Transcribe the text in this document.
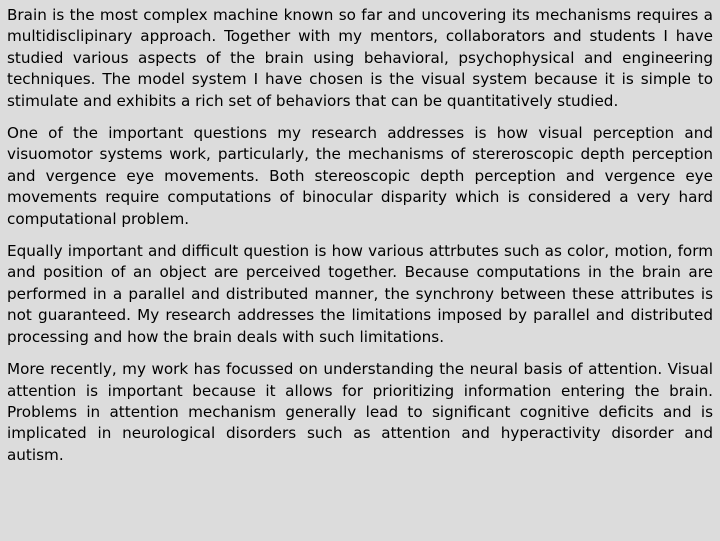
Brain is the most complex machine known so far and uncovering its mechanisms requires a multidisclipinary approach. Together with my mentors, collaborators and students I have studied various aspects of the brain using behavioral, psychophysical and engineering techniques. The model system I have chosen is the visual system because it is simple to stimulate and exhibits a rich set of behaviors that can be quantitatively studied.

One of the important questions my research addresses is how visual perception and visuomotor systems work, particularly, the mechanisms of stereroscopic depth perception and vergence eye movements. Both stereoscopic depth perception and vergence eye movements require computations of binocular disparity which is considered a very hard computational problem.

Equally important and difficult question is how various attrbutes such as color, motion, form and position of an object are perceived together. Because computations in the brain are performed in a parallel and distributed manner, the synchrony between these attributes is not guaranteed. My research addresses the limitations imposed by parallel and distributed processing and how the brain deals with such limitations.

More recently, my work has focussed on understanding the neural basis of attention. Visual attention is important because it allows for prioritizing information entering the brain. Problems in attention mechanism generally lead to significant cognitive deficits and is implicated in neurological disorders such as attention and hyperactivity disorder and autism.
